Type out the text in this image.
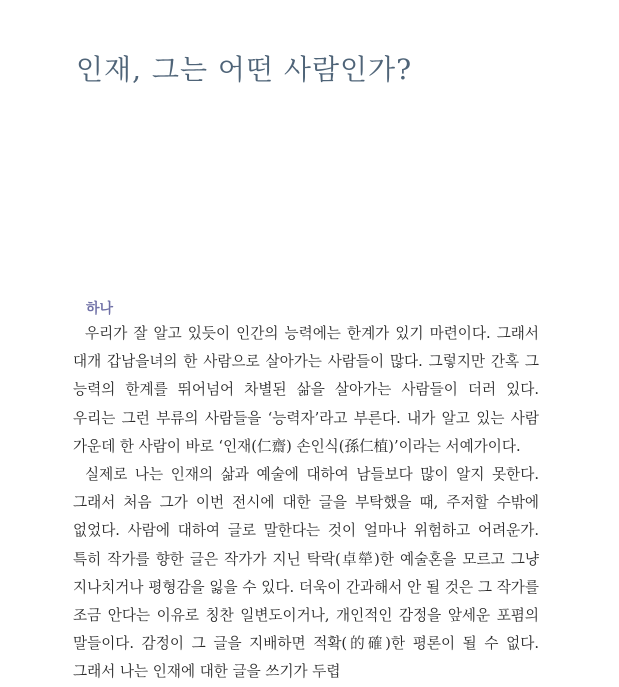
인재, 그는 어떤 사람인가?
하나

우리가 잘 알고 있듯이 인간의 능력에는 한계가 있기 마련이다. 그래서 대개 갑남을녀의 한 사람으로 살아가는 사람들이 많다. 그렇지만 간혹 그 능력의 한계를 뛰어넘어 차별된 삶을 살아가는 사람들이 더러 있다. 우리는 그런 부류의 사람들을 ‘능력자’라고 부른다. 내가 알고 있는 사람 가운데 한 사람이 바로 ‘인재(仁齋) 손인식(孫仁植)’이라는 서예가이다.

실제로 나는 인재의 삶과 예술에 대하여 남들보다 많이 알지 못한다. 그래서 처음 그가 이번 전시에 대한 글을 부탁했을 때, 주저할 수밖에 없었다. 사람에 대하여 글로 말한다는 것이 얼마나 위험하고 어려운가. 특히 작가를 향한 글은 작가가 지닌 탁락(卓犖)한 예술혼을 모르고 그냥 지나치거나 평형감을 잃을 수 있다. 더욱이 간과해서 안 될 것은 그 작가를 조금 안다는 이유로 칭찬 일변도이거나, 개인적인 감정을 앞세운 포폄의 말들이다. 감정이 그 글을 지배하면 적확(的確)한 평론이 될 수 없다. 그래서 나는 인재에 대한 글을 쓰기가 두렵
